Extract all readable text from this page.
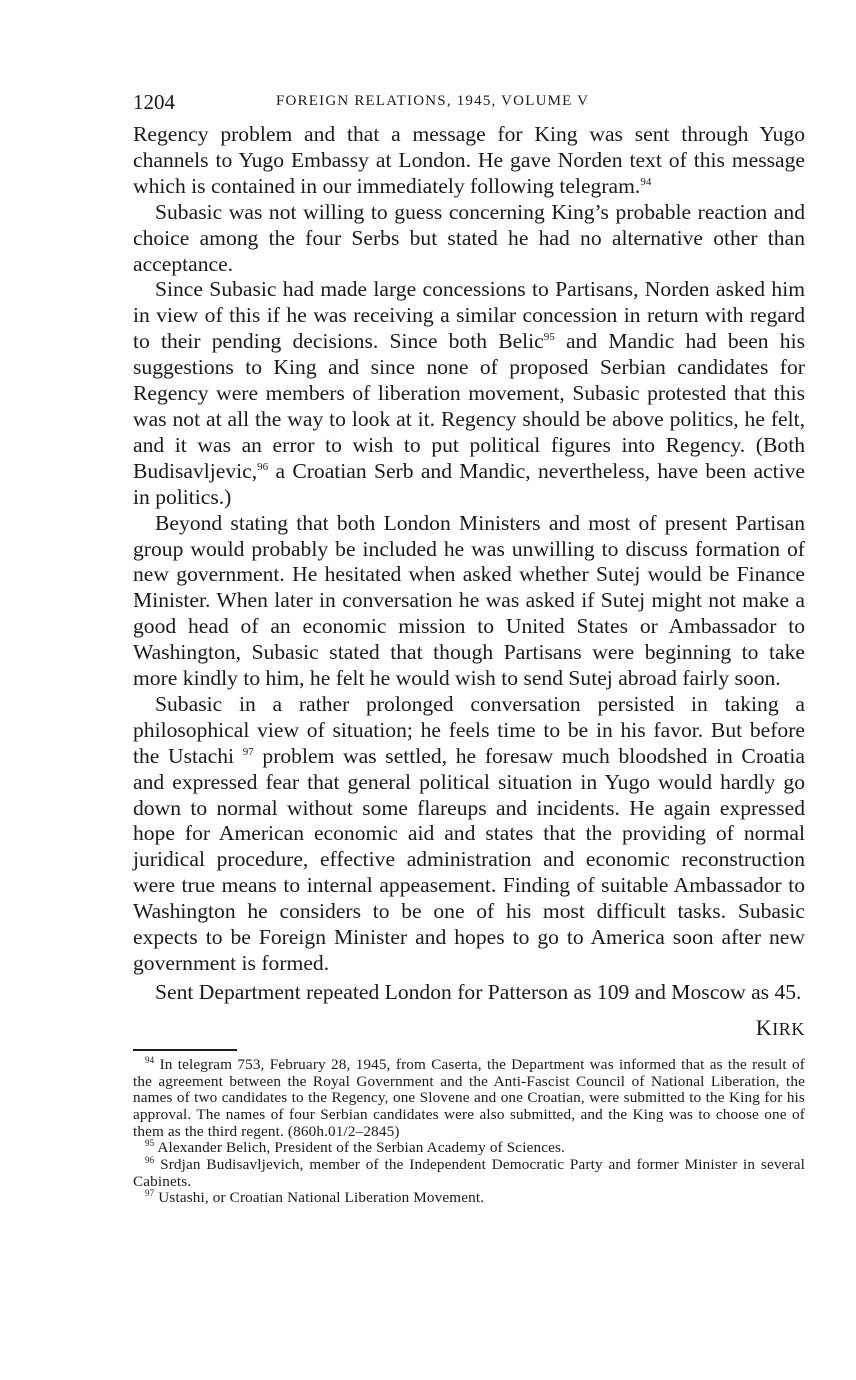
1204	FOREIGN RELATIONS, 1945, VOLUME V

Regency problem and that a message for King was sent through Yugo channels to Yugo Embassy at London. He gave Norden text of this message which is contained in our immediately following telegram.$^{94}$

Subasic was not willing to guess concerning King’s probable reaction and choice among the four Serbs but stated he had no alternative other than acceptance.

Since Subasic had made large concessions to Partisans, Norden asked him in view of this if he was receiving a similar concession in return with regard to their pending decisions. Since both Belic$^{95}$ and Mandic had been his suggestions to King and since none of proposed Serbian candidates for Regency were members of liberation movement, Subasic protested that this was not at all the way to look at it. Regency should be above politics, he felt, and it was an error to wish to put political figures into Regency. (Both Budisavljevic,$^{96}$ a Croatian Serb and Mandic, nevertheless, have been active in politics.)

Beyond stating that both London Ministers and most of present Partisan group would probably be included he was unwilling to discuss formation of new government. He hesitated when asked whether Sutej would be Finance Minister. When later in conversation he was asked if Sutej might not make a good head of an economic mission to United States or Ambassador to Washington, Subasic stated that though Partisans were beginning to take more kindly to him, he felt he would wish to send Sutej abroad fairly soon.

Subasic in a rather prolonged conversation persisted in taking a philosophical view of situation; he feels time to be in his favor. But before the Ustachi $^{97}$ problem was settled, he foresaw much bloodshed in Croatia and expressed fear that general political situation in Yugo would hardly go down to normal without some flareups and incidents. He again expressed hope for American economic aid and states that the providing of normal juridical procedure, effective administration and economic reconstruction were true means to internal appeasement. Finding of suitable Ambassador to Washington he considers to be one of his most difficult tasks. Subasic expects to be Foreign Minister and hopes to go to America soon after new government is formed.

Sent Department repeated London for Patterson as 109 and Moscow as 45.

KIRK

$^{94}$ In telegram 753, February 28, 1945, from Caserta, the Department was informed that as the result of the agreement between the Royal Government and the Anti-Fascist Council of National Liberation, the names of two candidates to the Regency, one Slovene and one Croatian, were submitted to the King for his approval. The names of four Serbian candidates were also submitted, and the King was to choose one of them as the third regent. (860h.01/2–2845)

$^{95}$ Alexander Belich, President of the Serbian Academy of Sciences.

$^{96}$ Srdjan Budisavljevich, member of the Independent Democratic Party and former Minister in several Cabinets.

$^{97}$ Ustashi, or Croatian National Liberation Movement.
